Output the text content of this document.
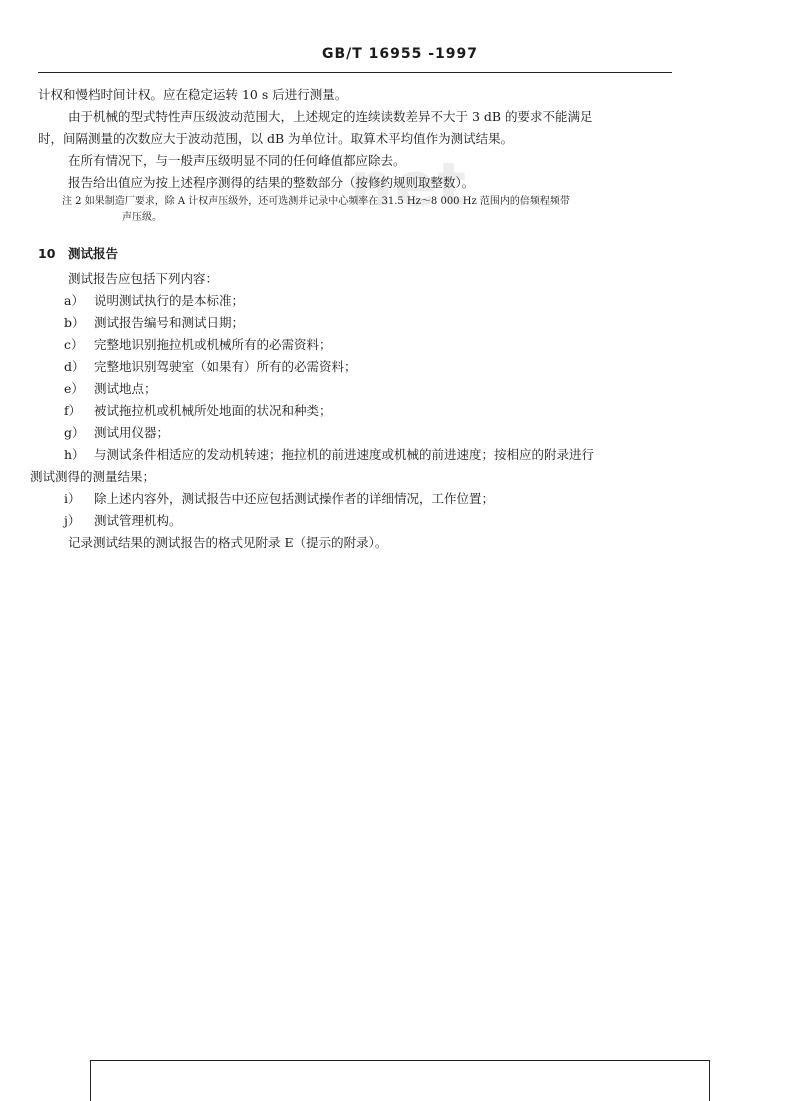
GB/T 16955 -1997
net
计权和慢档时间计权。应在稳定运转 10 s 后进行测量。
由于机械的型式特性声压级波动范围大，上述规定的连续读数差异不大于 3 dB 的要求不能满足
时，间隔测量的次数应大于波动范围，以 dB 为单位计。取算术平均值作为测试结果。
在所有情况下，与一般声压级明显不同的任何峰值都应除去。
报告给出值应为按上述程序测得的结果的整数部分（按修约规则取整数）。
注 2 如果制造厂要求，除 A 计权声压级外，还可选测并记录中心频率在 31.5 Hz～8 000 Hz 范围内的倍频程频带
声压级。
10 测试报告
测试报告应包括下列内容：
a） 说明测试执行的是本标准；
b） 测试报告编号和测试日期；
c） 完整地识别拖拉机或机械所有的必需资料；
d） 完整地识别驾驶室（如果有）所有的必需资料；
e） 测试地点；
f） 被试拖拉机或机械所处地面的状况和种类；
g） 测试用仪器；
h） 与测试条件相适应的发动机转速；拖拉机的前进速度或机械的前进速度；按相应的附录进行
测试测得的测量结果；
i） 除上述内容外，测试报告中还应包括测试操作者的详细情况，工作位置；
j） 测试管理机构。
记录测试结果的测试报告的格式见附录 E（提示的附录）。
